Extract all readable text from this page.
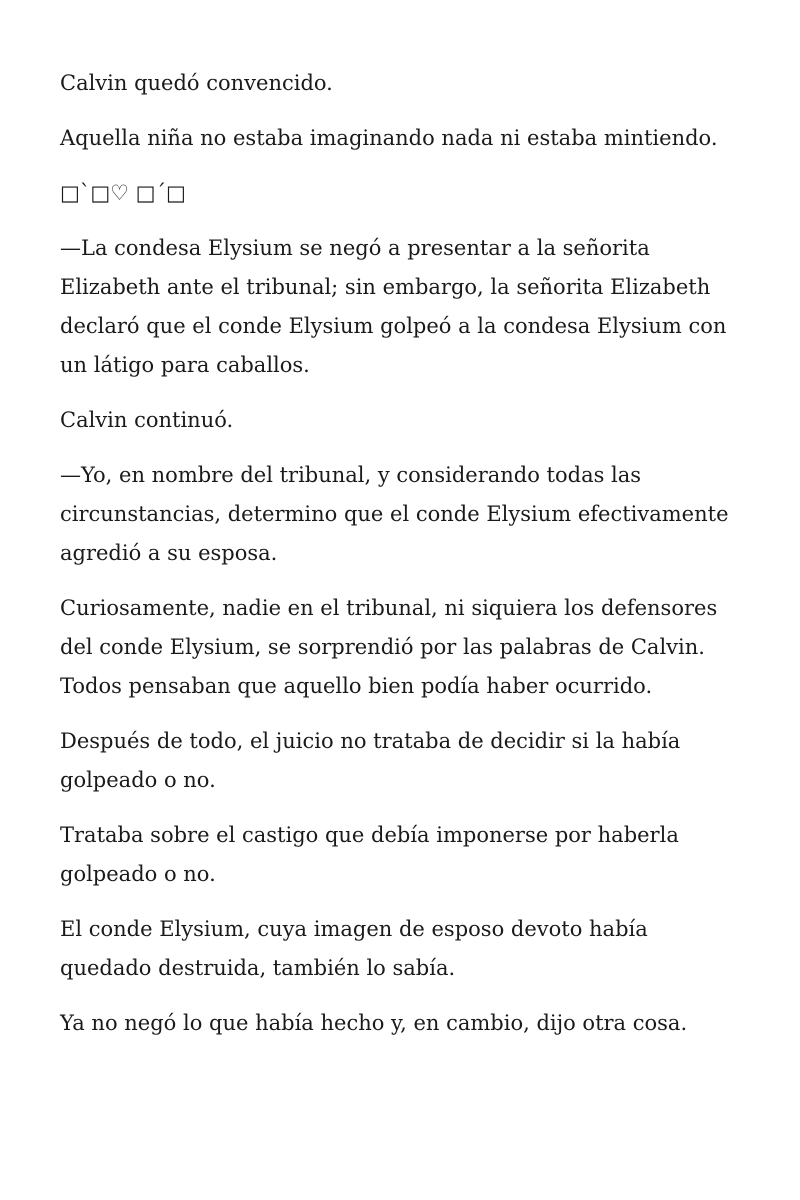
Calvin quedó convencido.

Aquella niña no estaba imaginando nada ni estaba mintiendo.

□`□♡ □´□

—La condesa Elysium se negó a presentar a la señorita Elizabeth ante el tribunal; sin embargo, la señorita Elizabeth declaró que el conde Elysium golpeó a la condesa Elysium con un látigo para caballos.

Calvin continuó.

—Yo, en nombre del tribunal, y considerando todas las circunstancias, determino que el conde Elysium efectivamente agredió a su esposa.

Curiosamente, nadie en el tribunal, ni siquiera los defensores del conde Elysium, se sorprendió por las palabras de Calvin. Todos pensaban que aquello bien podía haber ocurrido.

Después de todo, el juicio no trataba de decidir si la había golpeado o no.

Trataba sobre el castigo que debía imponerse por haberla golpeado o no.

El conde Elysium, cuya imagen de esposo devoto había quedado destruida, también lo sabía.

Ya no negó lo que había hecho y, en cambio, dijo otra cosa.
